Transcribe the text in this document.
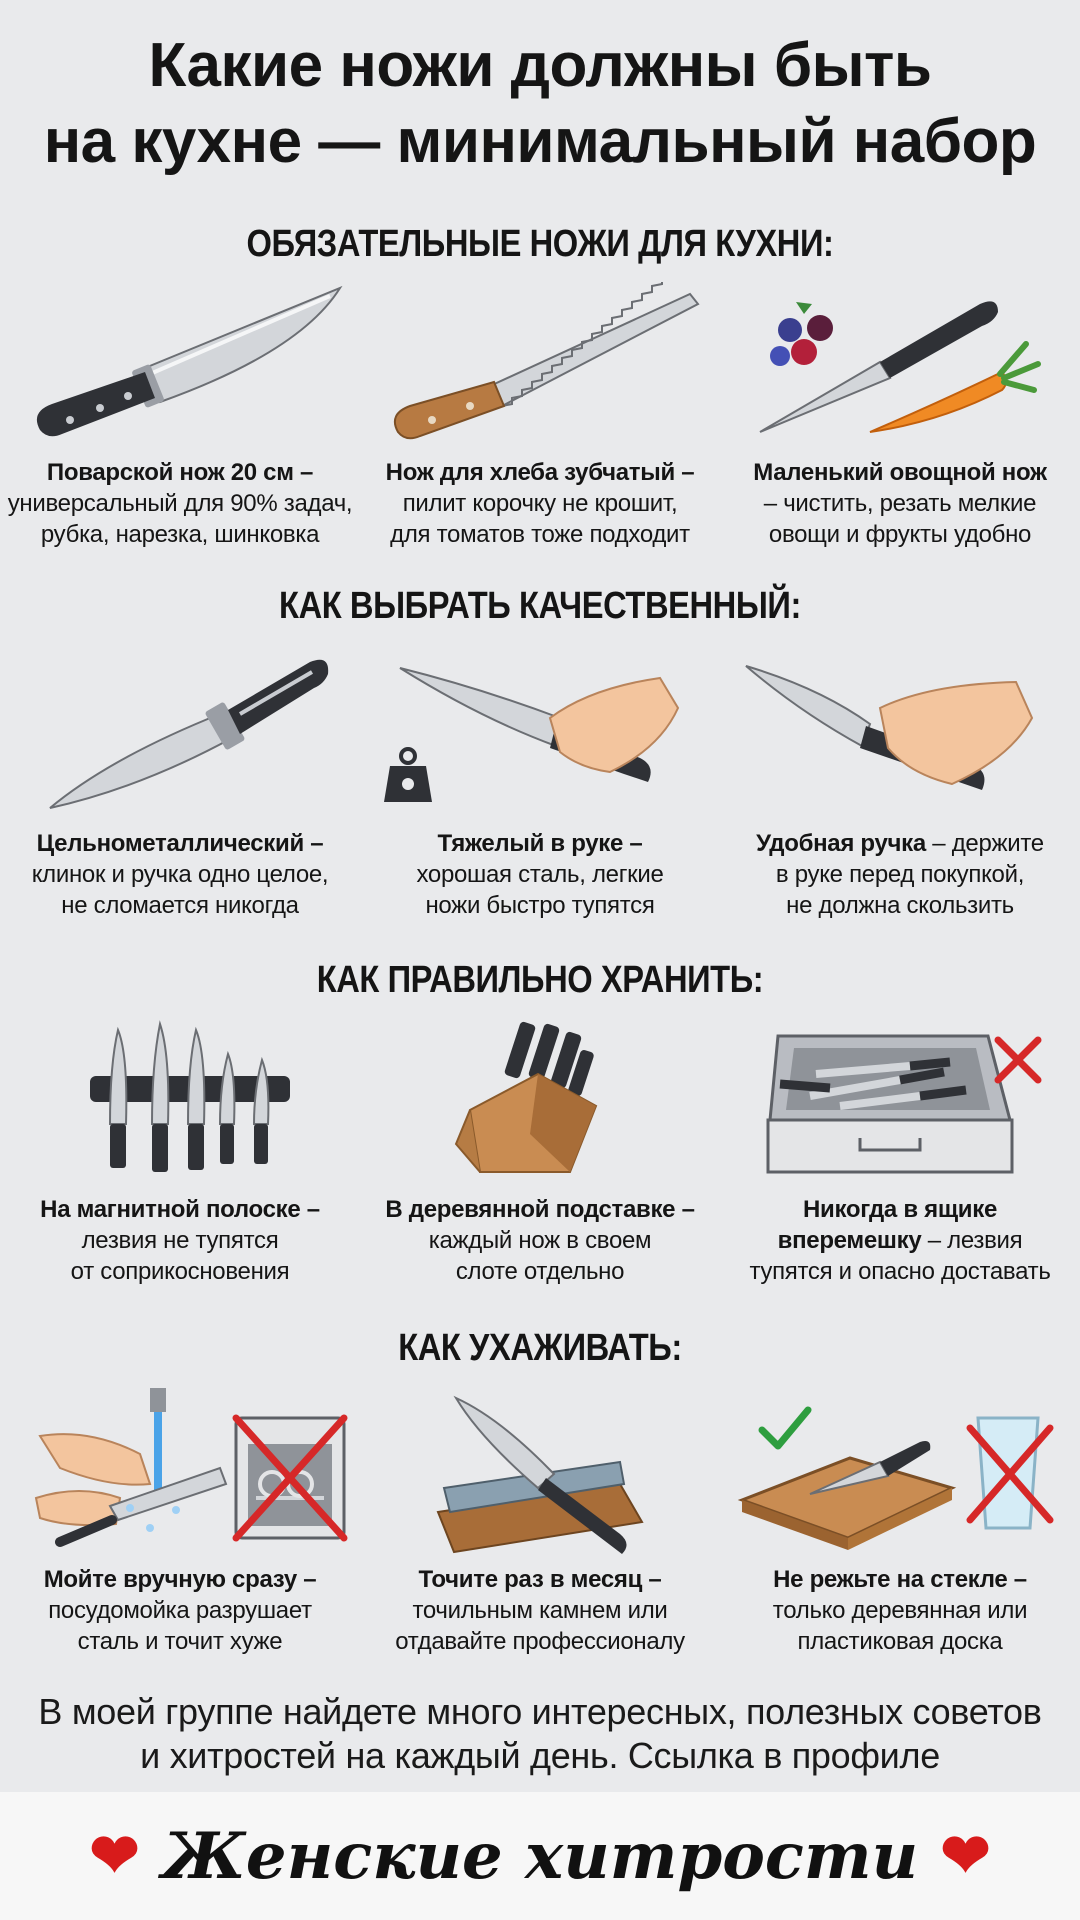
Какие ножи должны быть
на кухне — минимальный набор
ОБЯЗАТЕЛЬНЫЕ НОЖИ ДЛЯ КУХНИ:
Поварской нож 20 см –
универсальный для 90% задач,
рубка, нарезка, шинковка
Нож для хлеба зубчатый –
пилит корочку не крошит,
для томатов тоже подходит
Маленький овощной нож
– чистить, резать мелкие
овощи и фрукты удобно
КАК ВЫБРАТЬ КАЧЕСТВЕННЫЙ:
Цельнометаллический –
клинок и ручка одно целое,
не сломается никогда
Тяжелый в руке –
хорошая сталь, легкие
ножи быстро тупятся
Удобная ручка – держите
в руке перед покупкой,
не должна скользить
КАК ПРАВИЛЬНО ХРАНИТЬ:
На магнитной полоске –
лезвия не тупятся
от соприкосновения
В деревянной подставке –
каждый нож в своем
слоте отдельно
Никогда в ящике
вперемешку – лезвия
тупятся и опасно доставать
КАК УХАЖИВАТЬ:
Мойте вручную сразу –
посудомойка разрушает
сталь и точит хуже
Точите раз в месяц –
точильным камнем или
отдавайте профессионалу
Не режьте на стекле –
только деревянная или
пластиковая доска
В моей группе найдете много интересных, полезных советов
и хитростей на каждый день. Ссылка в профиле
❤ Женские хитрости ❤
